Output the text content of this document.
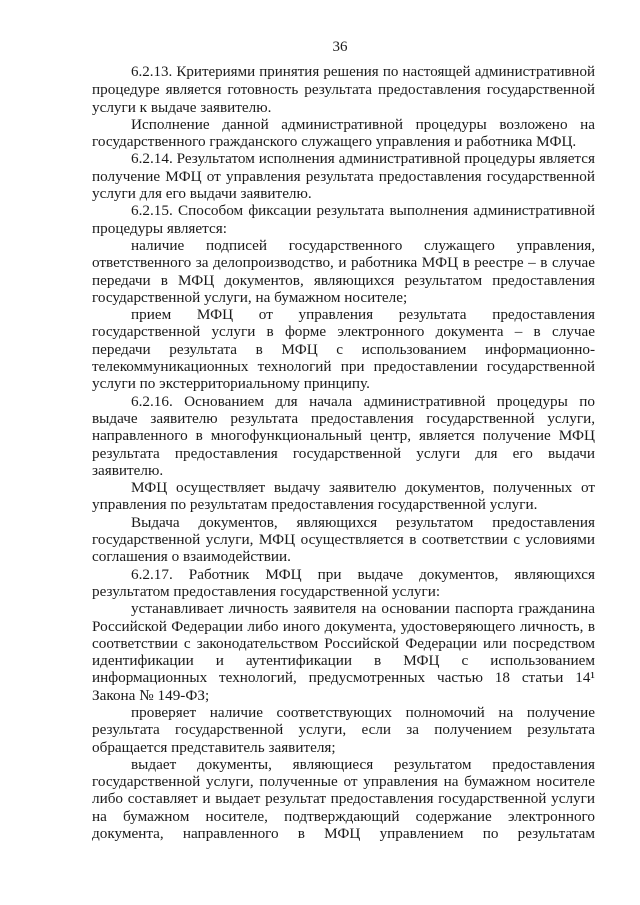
36
6.2.13. Критериями принятия решения по настоящей административной
процедуре является готовность результата предоставления государственной
услуги к выдаче заявителю.
Исполнение данной административной процедуры возложено на
государственного гражданского служащего управления и работника МФЦ.
6.2.14. Результатом исполнения административной процедуры является
получение МФЦ от управления результата предоставления государственной
услуги для его выдачи заявителю.
6.2.15. Способом фиксации результата выполнения административной
процедуры является:
наличие подписей государственного служащего управления,
ответственного за делопроизводство, и работника МФЦ в реестре – в случае
передачи в МФЦ документов, являющихся результатом предоставления
государственной услуги, на бумажном носителе;
прием МФЦ от управления результата предоставления
государственной услуги в форме электронного документа – в случае
передачи результата в МФЦ с использованием информационно-
телекоммуникационных технологий при предоставлении государственной
услуги по экстерриториальному принципу.
6.2.16. Основанием для начала административной процедуры по
выдаче заявителю результата предоставления государственной услуги,
направленного в многофункциональный центр, является получение МФЦ
результата предоставления государственной услуги для его выдачи
заявителю.
МФЦ осуществляет выдачу заявителю документов, полученных от
управления по результатам предоставления государственной услуги.
Выдача документов, являющихся результатом предоставления
государственной услуги, МФЦ осуществляется в соответствии с условиями
соглашения о взаимодействии.
6.2.17. Работник МФЦ при выдаче документов, являющихся
результатом предоставления государственной услуги:
устанавливает личность заявителя на основании паспорта гражданина
Российской Федерации либо иного документа, удостоверяющего личность, в
соответствии с законодательством Российской Федерации или посредством
идентификации и аутентификации в МФЦ с использованием
информационных технологий, предусмотренных частью 18 статьи 14¹
Закона № 149-ФЗ;
проверяет наличие соответствующих полномочий на получение
результата государственной услуги, если за получением результата
обращается представитель заявителя;
выдает документы, являющиеся результатом предоставления
государственной услуги, полученные от управления на бумажном носителе
либо составляет и выдает результат предоставления государственной услуги
на бумажном носителе, подтверждающий содержание электронного
документа, направленного в МФЦ управлением по результатам
